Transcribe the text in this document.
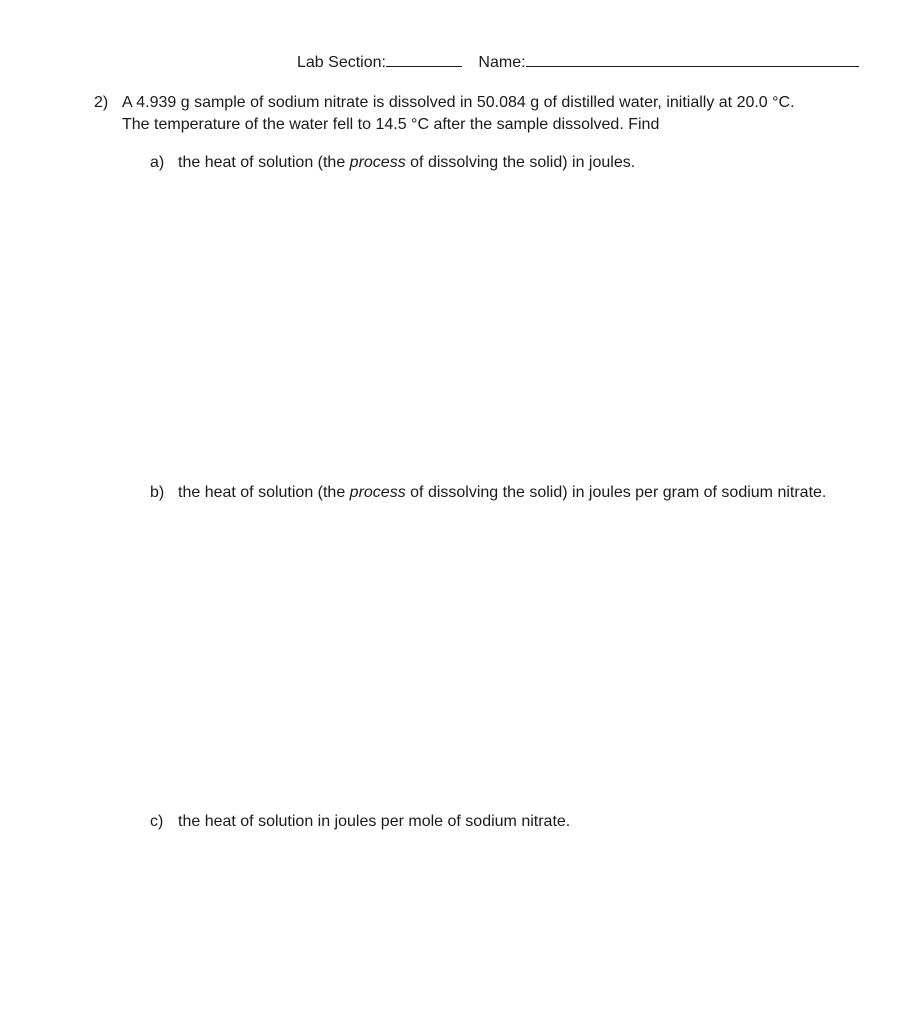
Lab Section:	Name:
2) A 4.939 g sample of sodium nitrate is dissolved in 50.084 g of distilled water, initially at 20.0 °C.
The temperature of the water fell to 14.5 °C after the sample dissolved. Find
a) the heat of solution (the process of dissolving the solid) in joules.
b) the heat of solution (the process of dissolving the solid) in joules per gram of sodium nitrate.
c) the heat of solution in joules per mole of sodium nitrate.
